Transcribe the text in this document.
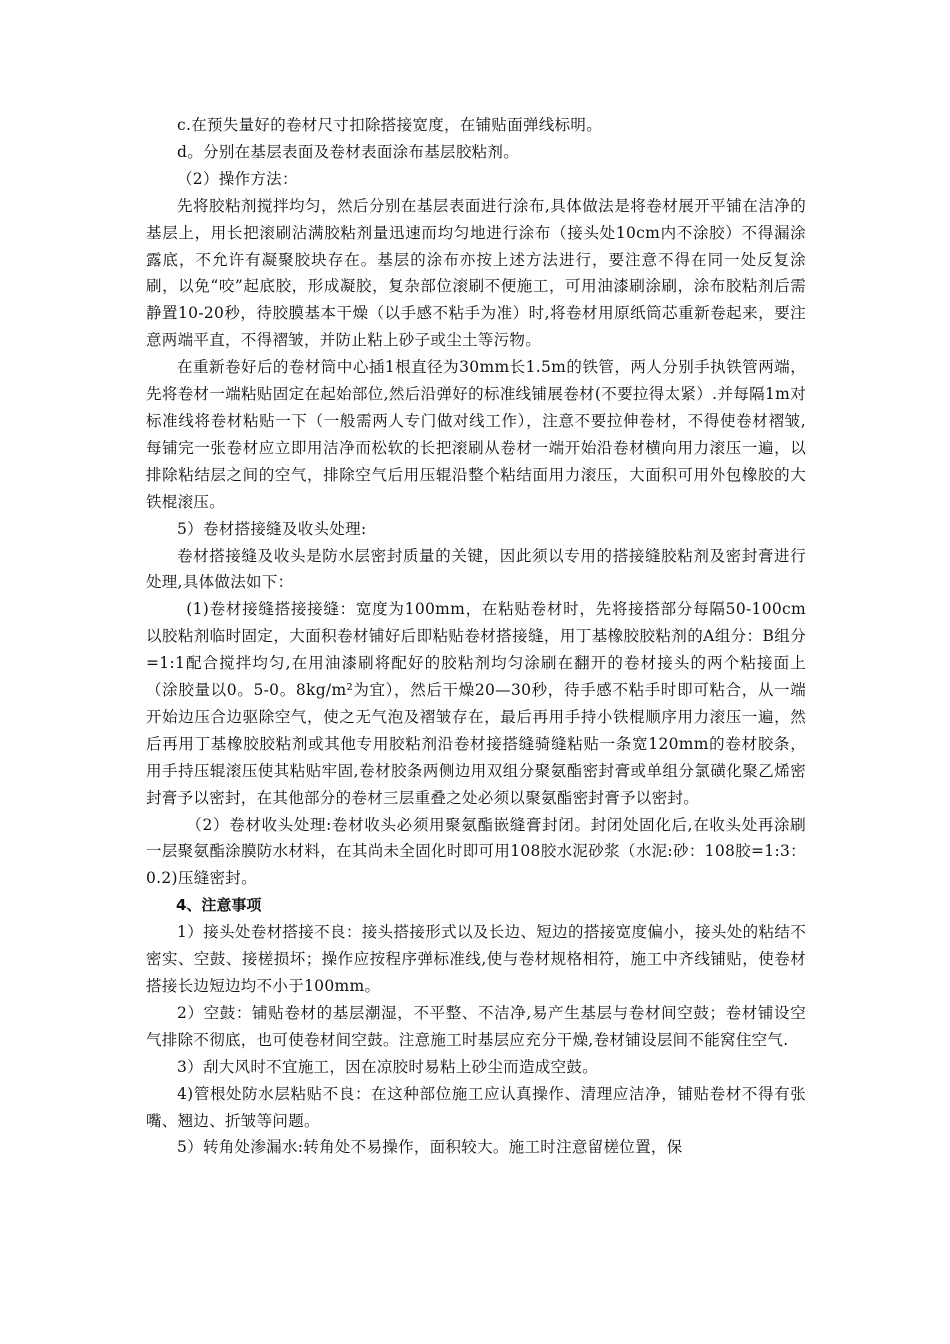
c.在预失量好的卷材尺寸扣除搭接宽度，在铺贴面弹线标明。

d。分别在基层表面及卷材表面涂布基层胶粘剂。

（2）操作方法：

先将胶粘剂搅拌均匀，然后分别在基层表面进行涂布,具体做法是将卷材展开平铺在洁净的基层上，用长把滚刷沾满胶粘剂量迅速而均匀地进行涂布（接头处10cm内不涂胶）不得漏涂露底，不允许有凝聚胶块存在。基层的涂布亦按上述方法进行，要注意不得在同一处反复涂刷，以免“咬”起底胶，形成凝胶，复杂部位滚刷不便施工，可用油漆刷涂刷，涂布胶粘剂后需静置10-20秒，待胶膜基本干燥（以手感不粘手为准）时,将卷材用原纸筒芯重新卷起来，要注意两端平直，不得褶皱，并防止粘上砂子或尘土等污物。

在重新卷好后的卷材筒中心插1根直径为30mm长1.5m的铁管，两人分别手执铁管两端，先将卷材一端粘贴固定在起始部位,然后沿弹好的标准线铺展卷材(不要拉得太紧）.并每隔1m对标准线将卷材粘贴一下（一般需两人专门做对线工作），注意不要拉伸卷材，不得使卷材褶皱,每铺完一张卷材应立即用洁净而松软的长把滚刷从卷材一端开始沿卷材横向用力滚压一遍，以排除粘结层之间的空气，排除空气后用压辊沿整个粘结面用力滚压，大面积可用外包橡胶的大铁棍滚压。

5）卷材搭接缝及收头处理:

卷材搭接缝及收头是防水层密封质量的关键，因此须以专用的搭接缝胶粘剂及密封膏进行处理,具体做法如下：

(1)卷材接缝搭接接缝：宽度为100mm，在粘贴卷材时，先将接搭部分每隔50-100cm以胶粘剂临时固定，大面积卷材铺好后即粘贴卷材搭接缝，用丁基橡胶胶粘剂的A组分：B组分=1:1配合搅拌均匀,在用油漆刷将配好的胶粘剂均匀涂刷在翻开的卷材接头的两个粘接面上（涂胶量以0。5-0。8kg/m²为宜），然后干燥20—30秒，待手感不粘手时即可粘合，从一端开始边压合边驱除空气，使之无气泡及褶皱存在，最后再用手持小铁棍顺序用力滚压一遍，然后再用丁基橡胶胶粘剂或其他专用胶粘剂沿卷材接搭缝骑缝粘贴一条宽120mm的卷材胶条，用手持压辊滚压使其粘贴牢固,卷材胶条两侧边用双组分聚氨酯密封膏或单组分氯磺化聚乙烯密封膏予以密封，在其他部分的卷材三层重叠之处必须以聚氨酯密封膏予以密封。

（2）卷材收头处理:卷材收头必须用聚氨酯嵌缝膏封闭。封闭处固化后,在收头处再涂刷一层聚氨酯涂膜防水材料，在其尚未全固化时即可用108胶水泥砂浆（水泥:砂：108胶=1:3：0.2)压缝密封。

4、注意事项

1）接头处卷材搭接不良：接头搭接形式以及长边、短边的搭接宽度偏小，接头处的粘结不密实、空鼓、接槎损坏；操作应按程序弹标准线,使与卷材规格相符，施工中齐线铺贴，使卷材搭接长边短边均不小于100mm。

2）空鼓：铺贴卷材的基层潮湿，不平整、不洁净,易产生基层与卷材间空鼓；卷材铺设空气排除不彻底，也可使卷材间空鼓。注意施工时基层应充分干燥,卷材铺设层间不能窝住空气.

3）刮大风时不宜施工，因在凉胶时易粘上砂尘而造成空鼓。

4)管根处防水层粘贴不良：在这种部位施工应认真操作、清理应洁净，铺贴卷材不得有张嘴、翘边、折皱等问题。

5）转角处渗漏水:转角处不易操作，面积较大。施工时注意留槎位置，保
